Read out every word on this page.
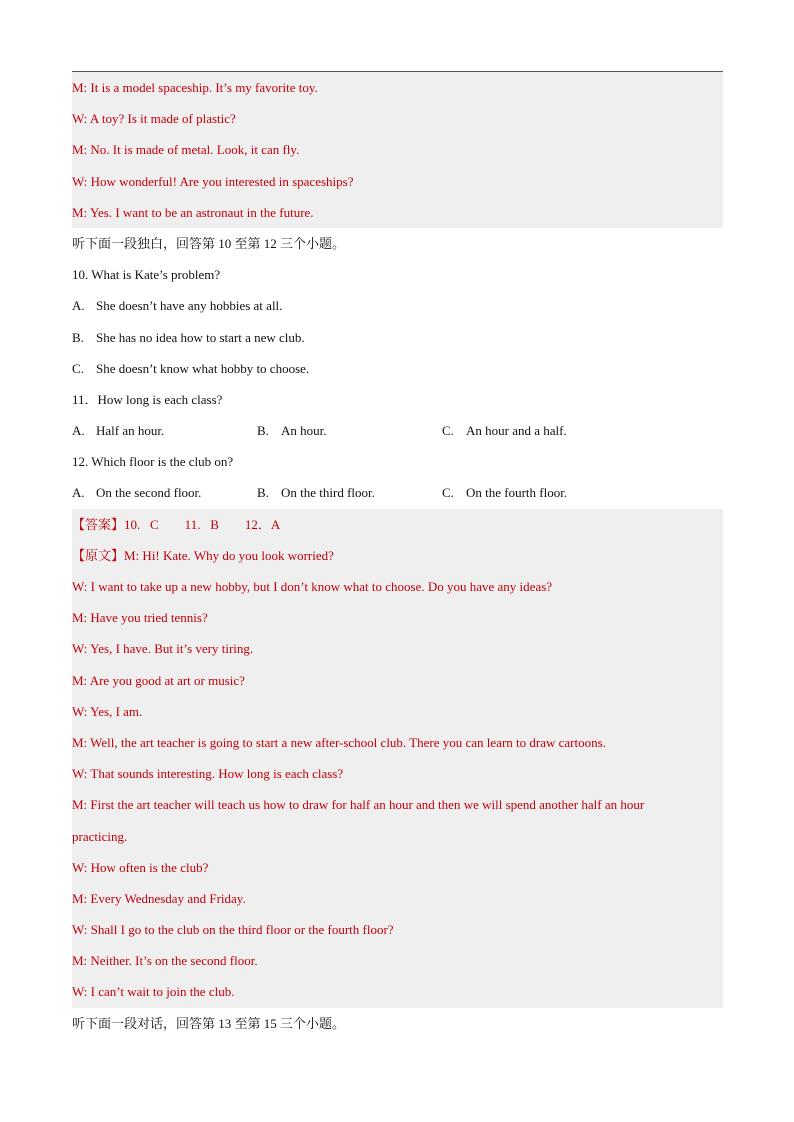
M: It is a model spaceship. It’s my favorite toy.
W: A toy? Is it made of plastic?
M: No. It is made of metal. Look, it can fly.
W: How wonderful! Are you interested in spaceships?
M: Yes. I want to be an astronaut in the future.
听下面一段独白，回答第 10 至第 12 三个小题。
10. What is Kate’s problem?
A. She doesn’t have any hobbies at all.
B. She has no idea how to start a new club.
C. She doesn’t know what hobby to choose.
11．How long is each class?
A. Half an hour.	B. An hour.	C. An hour and a half.
12. Which floor is the club on?
A. On the second floor.	B. On the third floor.	C. On the fourth floor.
【答案】10.   C        11.   B        12．A
【原文】M: Hi! Kate. Why do you look worried?
W: I want to take up a new hobby, but I don’t know what to choose. Do you have any ideas?
M: Have you tried tennis?
W: Yes, I have. But it’s very tiring.
M: Are you good at art or music?
W: Yes, I am.
M: Well, the art teacher is going to start a new after-school club. There you can learn to draw cartoons.
W: That sounds interesting. How long is each class?
M: First the art teacher will teach us how to draw for half an hour and then we will spend another half an hour
practicing.
W: How often is the club?
M: Every Wednesday and Friday.
W: Shall I go to the club on the third floor or the fourth floor?
M: Neither. It’s on the second floor.
W: I can’t wait to join the club.
听下面一段对话，回答第 13 至第 15 三个小题。
